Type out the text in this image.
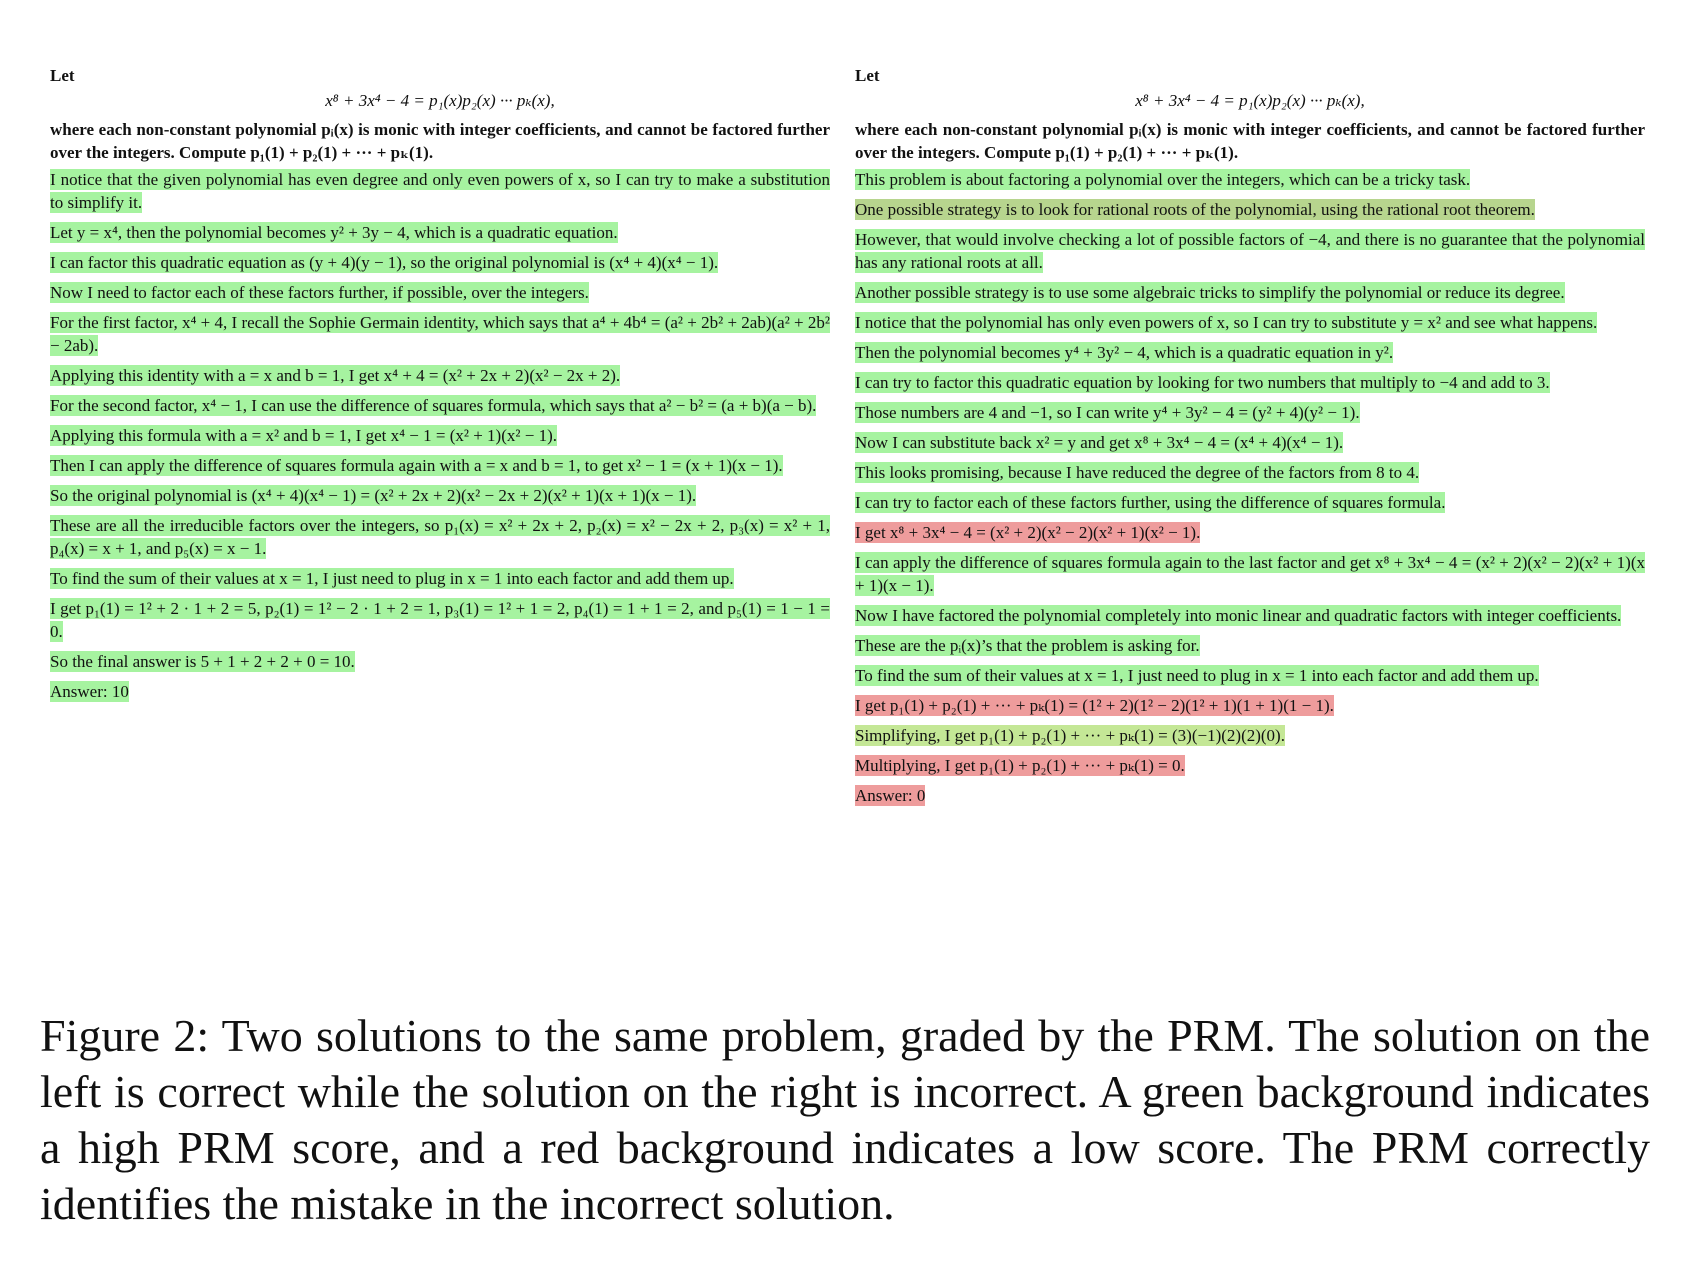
Let
x⁸ + 3x⁴ − 4 = p₁(x)p₂(x) ··· pₖ(x),
where each non-constant polynomial pᵢ(x) is monic with integer coefficients, and cannot be factored further over the integers. Compute p₁(1) + p₂(1) + ··· + pₖ(1).
I notice that the given polynomial has even degree and only even powers of x, so I can try to make a substitution to simplify it.
Let y = x⁴, then the polynomial becomes y² + 3y − 4, which is a quadratic equation.
I can factor this quadratic equation as (y + 4)(y − 1), so the original polynomial is (x⁴ + 4)(x⁴ − 1).
Now I need to factor each of these factors further, if possible, over the integers.
For the first factor, x⁴ + 4, I recall the Sophie Germain identity, which says that a⁴ + 4b⁴ = (a² + 2b² + 2ab)(a² + 2b² − 2ab).
Applying this identity with a = x and b = 1, I get x⁴ + 4 = (x² + 2x + 2)(x² − 2x + 2).
For the second factor, x⁴ − 1, I can use the difference of squares formula, which says that a² − b² = (a + b)(a − b).
Applying this formula with a = x² and b = 1, I get x⁴ − 1 = (x² + 1)(x² − 1).
Then I can apply the difference of squares formula again with a = x and b = 1, to get x² − 1 = (x + 1)(x − 1).
So the original polynomial is (x⁴ + 4)(x⁴ − 1) = (x² + 2x + 2)(x² − 2x + 2)(x² + 1)(x + 1)(x − 1).
These are all the irreducible factors over the integers, so p₁(x) = x² + 2x + 2, p₂(x) = x² − 2x + 2, p₃(x) = x² + 1, p₄(x) = x + 1, and p₅(x) = x − 1.
To find the sum of their values at x = 1, I just need to plug in x = 1 into each factor and add them up.
I get p₁(1) = 1² + 2 · 1 + 2 = 5, p₂(1) = 1² − 2 · 1 + 2 = 1, p₃(1) = 1² + 1 = 2, p₄(1) = 1 + 1 = 2, and p₅(1) = 1 − 1 = 0.
So the final answer is 5 + 1 + 2 + 2 + 0 = 10.
Answer: 10
Let
x⁸ + 3x⁴ − 4 = p₁(x)p₂(x) ··· pₖ(x),
where each non-constant polynomial pᵢ(x) is monic with integer coefficients, and cannot be factored further over the integers. Compute p₁(1) + p₂(1) + ··· + pₖ(1).
This problem is about factoring a polynomial over the integers, which can be a tricky task.
One possible strategy is to look for rational roots of the polynomial, using the rational root theorem.
However, that would involve checking a lot of possible factors of −4, and there is no guarantee that the polynomial has any rational roots at all.
Another possible strategy is to use some algebraic tricks to simplify the polynomial or reduce its degree.
I notice that the polynomial has only even powers of x, so I can try to substitute y = x² and see what happens.
Then the polynomial becomes y⁴ + 3y² − 4, which is a quadratic equation in y².
I can try to factor this quadratic equation by looking for two numbers that multiply to −4 and add to 3.
Those numbers are 4 and −1, so I can write y⁴ + 3y² − 4 = (y² + 4)(y² − 1).
Now I can substitute back x² = y and get x⁸ + 3x⁴ − 4 = (x⁴ + 4)(x⁴ − 1).
This looks promising, because I have reduced the degree of the factors from 8 to 4.
I can try to factor each of these factors further, using the difference of squares formula.
I get x⁸ + 3x⁴ − 4 = (x² + 2)(x² − 2)(x² + 1)(x² − 1).
I can apply the difference of squares formula again to the last factor and get x⁸ + 3x⁴ − 4 = (x² + 2)(x² − 2)(x² + 1)(x + 1)(x − 1).
Now I have factored the polynomial completely into monic linear and quadratic factors with integer coefficients.
These are the pᵢ(x)’s that the problem is asking for.
To find the sum of their values at x = 1, I just need to plug in x = 1 into each factor and add them up.
I get p₁(1) + p₂(1) + ··· + pₖ(1) = (1² + 2)(1² − 2)(1² + 1)(1 + 1)(1 − 1).
Simplifying, I get p₁(1) + p₂(1) + ··· + pₖ(1) = (3)(−1)(2)(2)(0).
Multiplying, I get p₁(1) + p₂(1) + ··· + pₖ(1) = 0.
Answer: 0
Figure 2: Two solutions to the same problem, graded by the PRM. The solution on the left is correct while the solution on the right is incorrect. A green background indicates a high PRM score, and a red background indicates a low score. The PRM correctly identifies the mistake in the incorrect solution.
